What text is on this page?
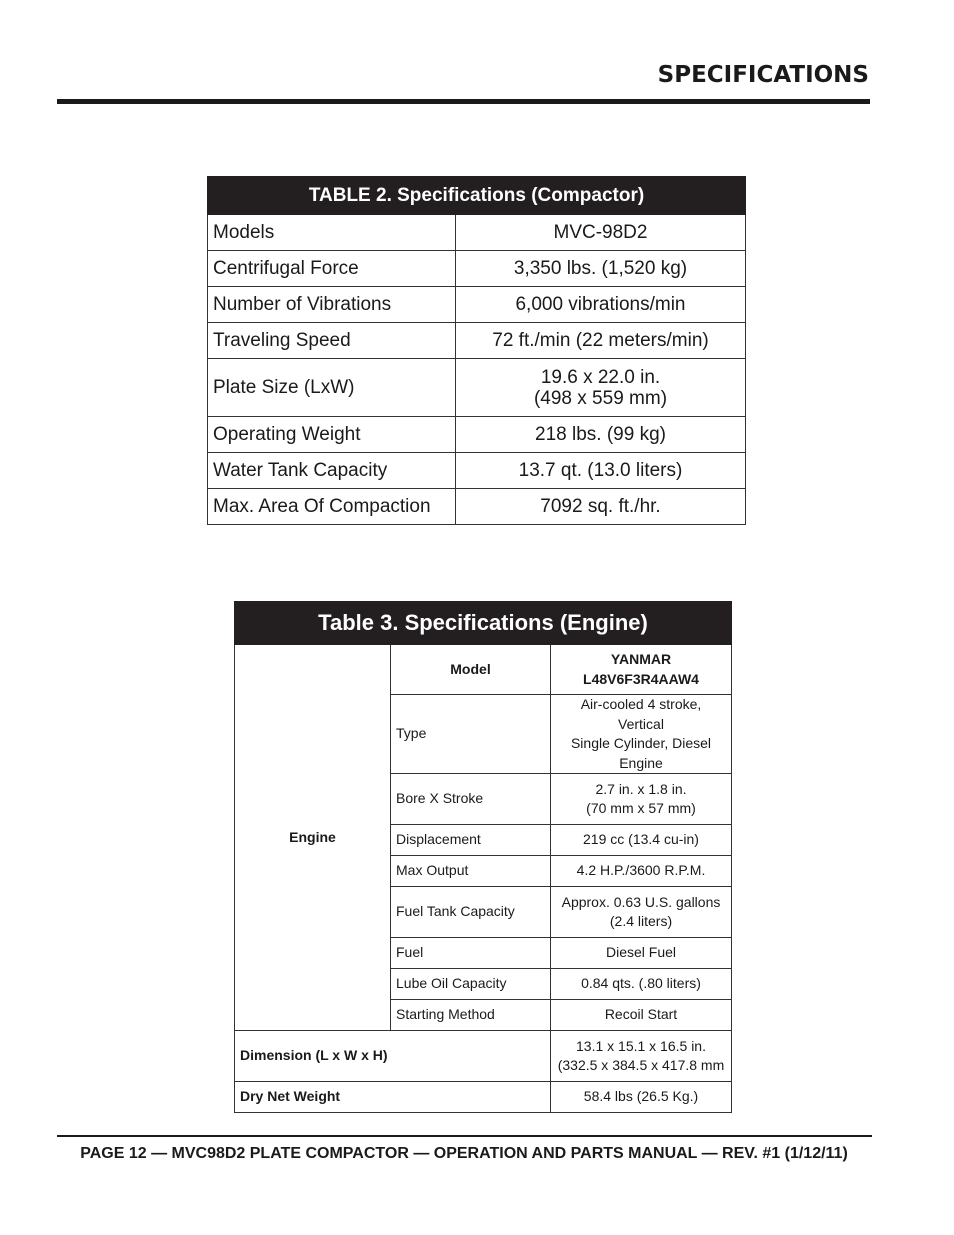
SPECIFICATIONS
TABLE 2. Specifications (Compactor)	
Models	MVC-98D2
Centrifugal Force	3,350 lbs. (1,520 kg)
Number of Vibrations	6,000 vibrations/min
Traveling Speed	72 ft./min (22 meters/min)
Plate Size (LxW)	19.6 x 22.0 in.
(498 x 559 mm)
Operating Weight	218 lbs. (99 kg)
Water Tank Capacity	13.7 qt. (13.0 liters)
Max. Area Of Compaction	7092 sq. ft./hr.
Table 3. Specifications (Engine)		
Engine	Model	YANMAR
L48V6F3R4AAW4
	Type	Air-cooled 4 stroke, Vertical
Single Cylinder, Diesel
Engine
	Bore X Stroke	2.7 in. x 1.8 in.
(70 mm x 57 mm)
	Displacement	219 cc (13.4 cu-in)
	Max Output	4.2 H.P./3600 R.P.M.
	Fuel Tank Capacity	Approx. 0.63 U.S. gallons
(2.4 liters)
	Fuel	Diesel Fuel
	Lube Oil Capacity	0.84 qts. (.80 liters)
	Starting Method	Recoil Start
Dimension (L x W x H)		13.1 x 15.1 x 16.5 in.
(332.5 x 384.5 x 417.8 mm
Dry Net Weight		58.4 lbs (26.5 Kg.)
PAGE 12 — MVC98D2 PLATE COMPACTOR — OPERATION AND PARTS MANUAL — REV. #1 (1/12/11)
